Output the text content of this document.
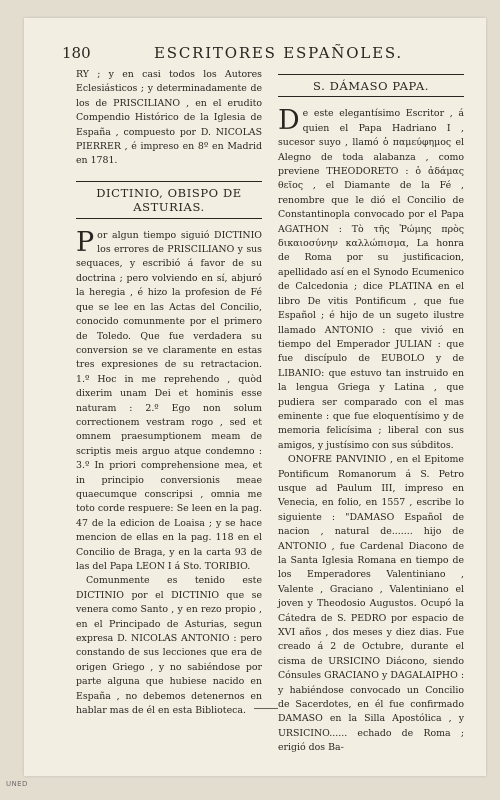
180	ESCRITORES ESPAÑOLES.

RY ; y en casi todos los Autores Eclesiásticos ; y determinadamente de los de PRISCILIANO , en el erudito Compendio Histórico de la Iglesia de España , compuesto por D. NICOLAS PIERRER , é impreso en 8º en Madrid en 1781.

DICTINIO, OBISPO DE ASTURIAS.

Por algun tiempo siguió DICTINIO los errores de PRISCILIANO y sus sequaces, y escribió á favor de su doctrina ; pero volviendo en sí, abjuró la heregia , é hizo la profesion de Fé que se lee en las Actas del Concilio, conocido comunmente por el primero de Toledo. Que fue verdadera su conversion se ve claramente en estas tres expresiones de su retractacion. 1.º Hoc in me reprehendo , quòd dixerim unam Dei et hominis esse naturam : 2.º Ego non solum correctionem vestram rogo , sed et omnem praesumptionem meam de scriptis meis arguo atque condemno : 3.º In priori comprehensione mea, et in principio conversionis meae quaecumque conscripsi , omnia me toto corde respuere: Se leen en la pag. 47 de la edicion de Loaisa ; y se hace mencion de ellas en la pag. 118 en el Concilio de Braga, y en la carta 93 de las del Papa LEON I á Sto. TORIBIO.

Comunmente es tenido este DICTINIO por el DICTINIO que se venera como Santo , y en rezo propio , en el Principado de Asturias, segun expresa D. NICOLAS ANTONIO : pero constando de sus lecciones que era de origen Griego , y no sabiéndose por parte alguna que hubiese nacido en España , no debemos detenernos en hablar mas de él en esta Biblioteca.

S. DÁMASO PAPA.

De este elegantísimo Escritor , á quien el Papa Hadriano I , sucesor suyo , llamó ὁ παμεύφημος el Alegno de toda alabanza , como previene THEODORETO : ὁ ἀδάμας θεῖος , el Diamante de la Fé , renombre que le dió el Concilio de Constantinopla convocado por el Papa AGATHON : Τὸ τῆς Ῥώμης πρὸς δικαιοσύνην καλλώπισμα, La honra de Roma por su justificacion, apellidado así en el Synodo Ecumenico de Calcedonia ; dice PLATINA en el libro De vitis Pontificum , que fue Español ; é hijo de un sugeto ilustre llamado ANTONIO : que vivió en tiempo del Emperador JULIAN : que fue discípulo de EUBOLO y de LIBANIO: que estuvo tan instruido en la lengua Griega y Latina , que pudiera ser comparado con el mas eminente : que fue eloquentísimo y de memoria felicísima ; liberal con sus amigos, y justísimo con sus súbditos.

ONOFRE PANVINIO , en el Epitome Pontificum Romanorum á S. Petro usque ad Paulum III, impreso en Venecia, en folio, en 1557 , escribe lo siguiente : "DAMASO Español de nacion , natural de....... hijo de ANTONIO , fue Cardenal Diacono de la Santa Iglesia Romana en tiempo de los Emperadores Valentiniano , Valente , Graciano , Valentiniano el joven y Theodosio Augustos. Ocupó la Cátedra de S. PEDRO por espacio de XVI años , dos meses y diez dias. Fue creado á 2 de Octubre, durante el cisma de URSICINO Diácono, siendo Cónsules GRACIANO y DAGALAIPHO : y habiéndose convocado un Concilio de Sacerdotes, en él fue confirmado DAMASO en la Silla Apostólica , y URSICINO...... echado de Roma ; erigió dos Ba-

UNED
